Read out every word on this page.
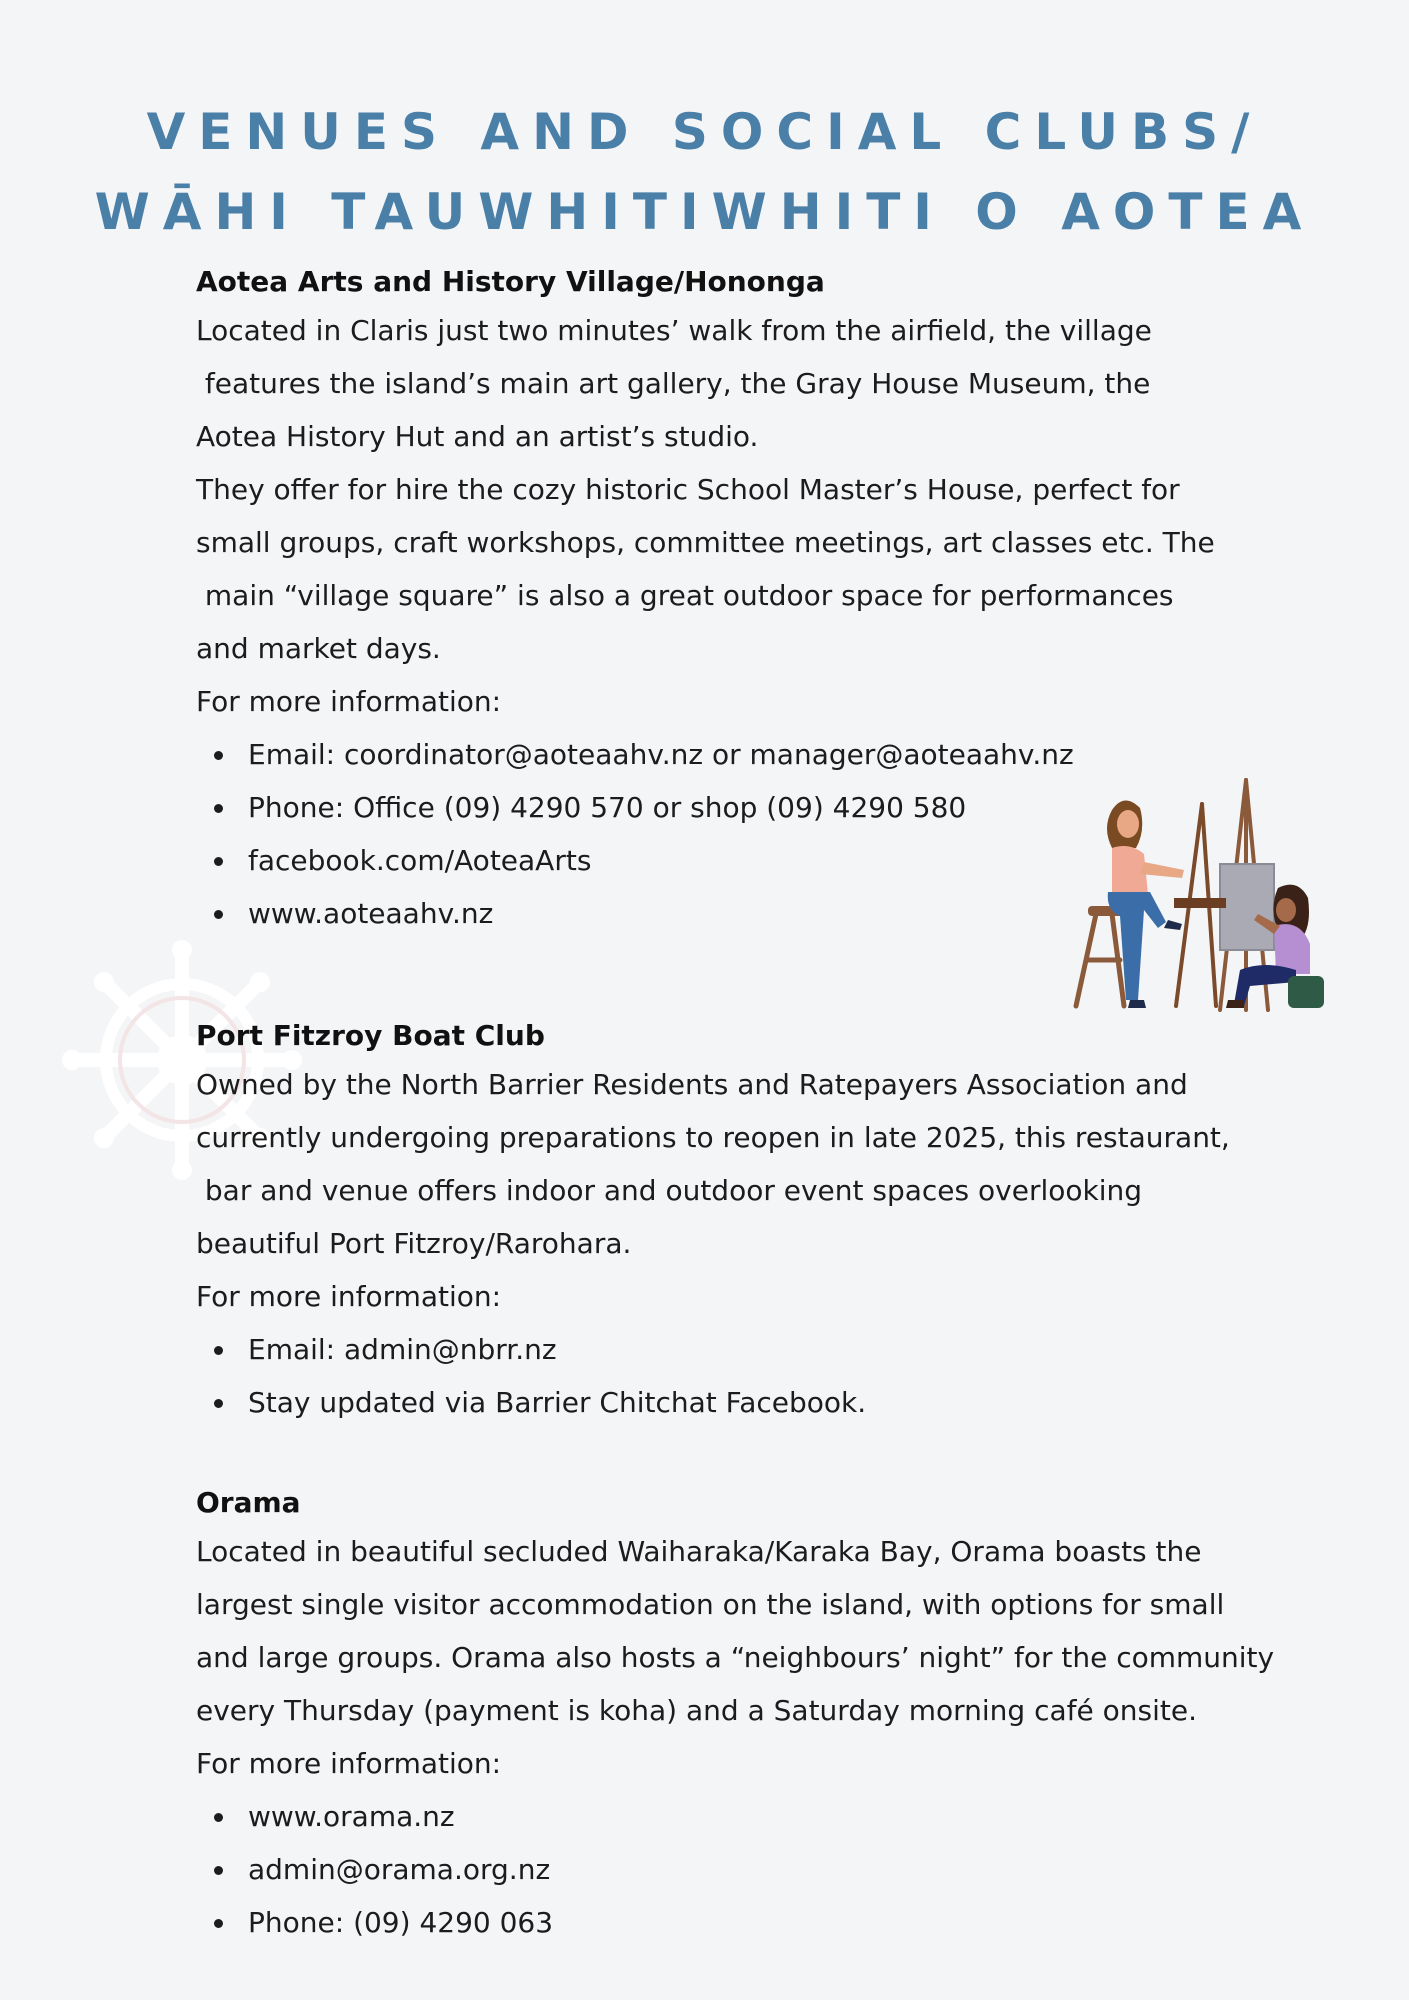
VENUES AND SOCIAL CLUBS/
WĀHI TAUWHITIWHITI O AOTEA
Aotea Arts and History Village/Hononga

Located in Claris just two minutes’ walk from the airfield, the village
features the island’s main art gallery, the Gray House Museum, the
Aotea History Hut and an artist’s studio.

They offer for hire the cozy historic School Master’s House, perfect for
small groups, craft workshops, committee meetings, art classes etc. The
main “village square” is also a great outdoor space for performances
and market days.

For more information:

Email: coordinator@aoteaahv.nz or manager@aoteaahv.nz
Phone: Office (09) 4290 570 or shop (09) 4290 580
facebook.com/AoteaArts
www.aoteaahv.nz
Port Fitzroy Boat Club

Owned by the North Barrier Residents and Ratepayers Association and
currently undergoing preparations to reopen in late 2025, this restaurant,
bar and venue offers indoor and outdoor event spaces overlooking
beautiful Port Fitzroy/Rarohara.

For more information:

Email: admin@nbrr.nz
Stay updated via Barrier Chitchat Facebook.
Orama

Located in beautiful secluded Waiharaka/Karaka Bay, Orama boasts the
largest single visitor accommodation on the island, with options for small
and large groups. Orama also hosts a “neighbours’ night” for the community
every Thursday (payment is koha) and a Saturday morning café onsite.

For more information:

www.orama.nz
admin@orama.org.nz
Phone: (09) 4290 063
